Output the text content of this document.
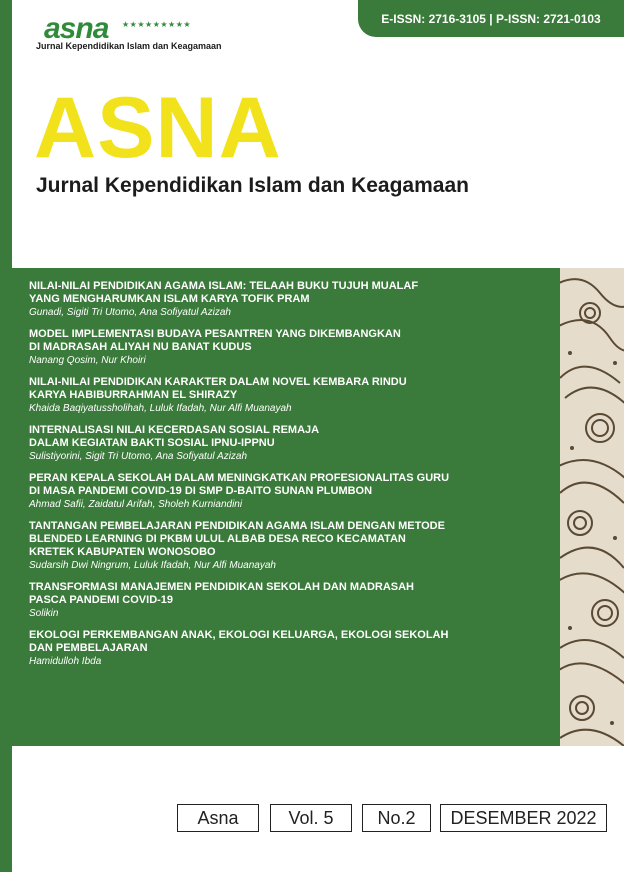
asna ★★★★★★★★★
Jurnal Kependidikan Islam dan Keagamaan
E-ISSN: 2716-3105 | P-ISSN: 2721-0103
ASNA
Jurnal Kependidikan Islam dan Keagamaan
NILAI-NILAI PENDIDIKAN AGAMA ISLAM: TELAAH BUKU TUJUH MUALAF
YANG MENGHARUMKAN ISLAM KARYA TOFIK PRAM
Gunadi, Sigiti Tri Utomo, Ana Sofiyatul Azizah
MODEL IMPLEMENTASI BUDAYA PESANTREN YANG DIKEMBANGKAN
DI MADRASAH ALIYAH NU BANAT KUDUS
Nanang Qosim, Nur Khoiri
NILAI-NILAI PENDIDIKAN KARAKTER DALAM NOVEL KEMBARA RINDU
KARYA HABIBURRAHMAN EL SHIRAZY
Khaida Baqiyatussholihah, Luluk Ifadah, Nur Alfi Muanayah
INTERNALISASI NILAI KECERDASAN SOSIAL REMAJA
DALAM KEGIATAN BAKTI SOSIAL IPNU-IPPNU
Sulistiyorini, Sigit Tri Utomo, Ana Sofiyatul Azizah
PERAN KEPALA SEKOLAH DALAM MENINGKATKAN PROFESIONALITAS GURU
DI MASA PANDEMI COVID-19 DI SMP D-BAITO SUNAN PLUMBON
Ahmad Safii, Zaidatul Arifah, Sholeh Kurniandini
TANTANGAN PEMBELAJARAN PENDIDIKAN AGAMA ISLAM DENGAN METODE
BLENDED LEARNING DI PKBM ULUL ALBAB DESA RECO KECAMATAN
KRETEK KABUPATEN WONOSOBO
Sudarsih Dwi Ningrum, Luluk Ifadah, Nur Alfi Muanayah
TRANSFORMASI MANAJEMEN PENDIDIKAN SEKOLAH DAN MADRASAH
PASCA PANDEMI COVID-19
Solikin
EKOLOGI PERKEMBANGAN ANAK, EKOLOGI KELUARGA, EKOLOGI SEKOLAH
DAN PEMBELAJARAN
Hamidulloh Ibda
Asna	Vol. 5	No.2	DESEMBER 2022
